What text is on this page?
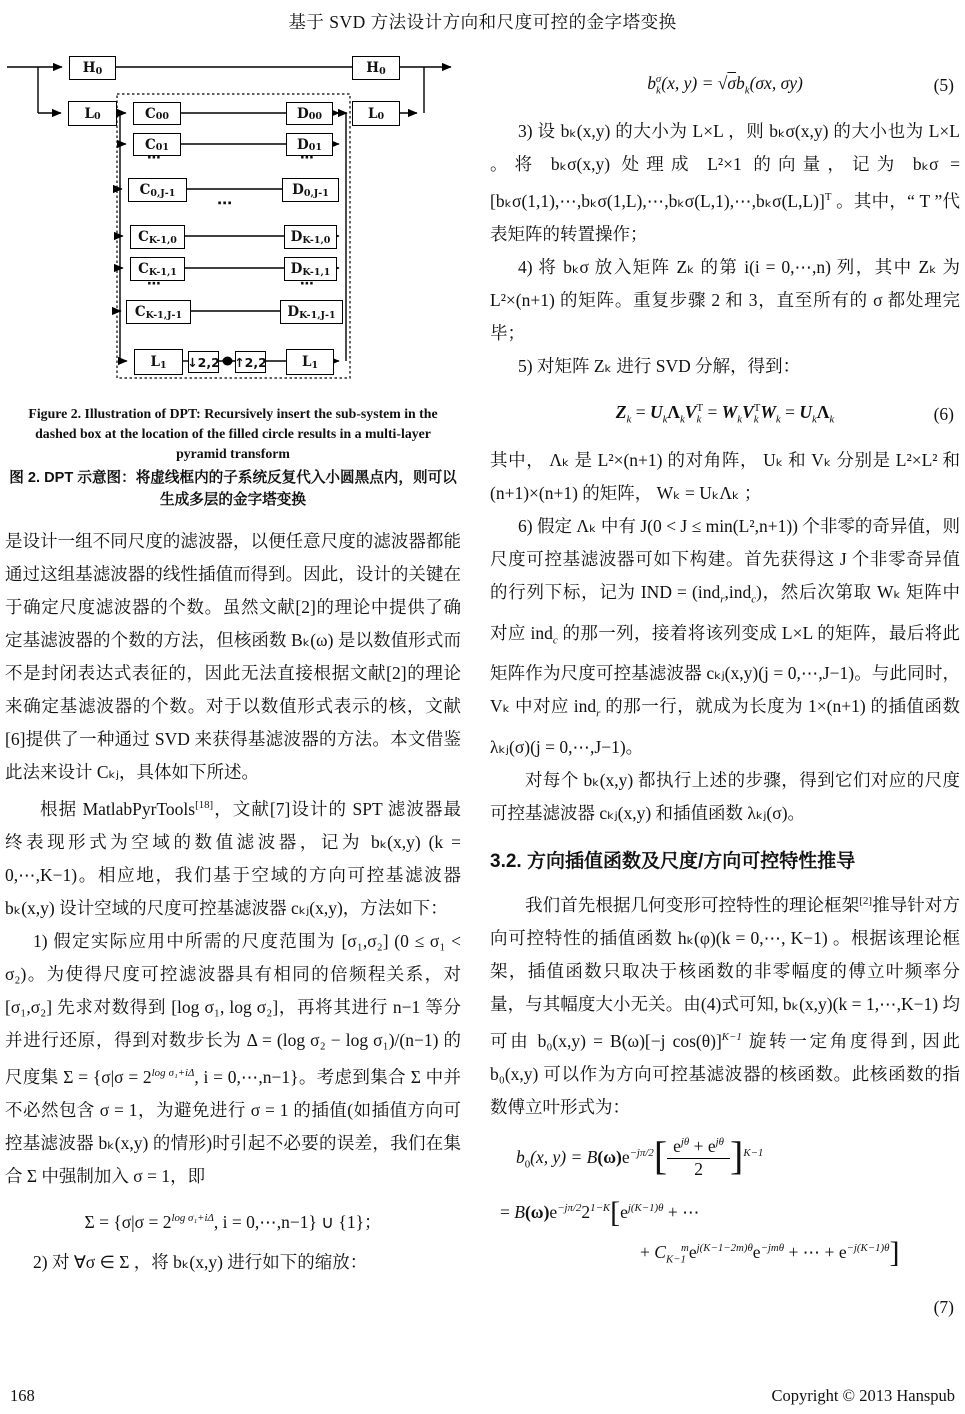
基于 SVD 方法设计方向和尺度可控的金字塔变换
$H_0$	$H_0$
$L_0$	$L_0$
$C_{00}$	$D_{00}$
$C_{01}$	$D_{01}$
⋯	⋯
$C_{0,J-1}$	$D_{0,J-1}$
⋯
$C_{K-1,0}$	$D_{K-1,0}$
$C_{K-1,1}$	$D_{K-1,1}$
⋯	⋯
$C_{K-1,J-1}$	$D_{K-1,J-1}$
$L_1$ ↓2,2 ↑2,2	$L_1$
Figure 2. Illustration of DPT: Recursively insert the sub-system in the dashed box at the location of the filled circle results in a multi-layer pyramid transform
图 2. DPT 示意图：将虚线框内的子系统反复代入小圆黑点内，则可以生成多层的金字塔变换

是设计一组不同尺度的滤波器，以便任意尺度的滤波器都能通过这组基滤波器的线性插值而得到。因此，设计的关键在于确定尺度滤波器的个数。虽然文献[2]的理论中提供了确定基滤波器的个数的方法，但核函数 Bₖ(ω) 是以数值形式而不是封闭表达式表征的，因此无法直接根据文献[2]的理论来确定基滤波器的个数。对于以数值形式表示的核，文献[6]提供了一种通过 SVD 来获得基滤波器的方法。本文借鉴此法来设计 Cₖⱼ，具体如下所述。

根据 MatlabPyrTools[18]，文献[7]设计的 SPT 滤波器最终表现形式为空域的数值滤波器，记为 bₖ(x,y) (k = 0,⋯,K−1)。相应地，我们基于空域的方向可控基滤波器 bₖ(x,y) 设计空域的尺度可控基滤波器 cₖⱼ(x,y)，方法如下：

1) 假定实际应用中所需的尺度范围为 [σ₁,σ₂] (0 ≤ σ₁ < σ₂)。为使得尺度可控滤波器具有相同的倍频程关系，对 [σ₁,σ₂] 先求对数得到 [log σ₁, log σ₂]，再将其进行 n−1 等分并进行还原，得到对数步长为 Δ = (log σ₂ − log σ₁)/(n−1) 的尺度集 $\Sigma = \{\sigma|\sigma = 2^{log \sigma_1+i\Delta}$, i = 0,⋯,n−1}。考虑到集合 Σ 中并不必然包含 σ = 1，为避免进行 σ = 1 的插值(如插值方向可控基滤波器 bₖ(x,y) 的情形)时引起不必要的误差，我们在集合 Σ 中强制加入 σ = 1，即

$\Sigma = \{\sigma|\sigma = 2^{log \sigma_1+i\Delta}$, i = 0,⋯,n−1} ∪ {1}；

2) 对 ∀σ ∈ Σ ，将 bₖ(x,y) 进行如下的缩放：

$b_k^\sigma(x$, $y) = √\sigma b_k(\sigma x$, σy)	(5)

3) 设 bₖ(x,y) 的大小为 L×L ，则 bₖσ(x,y) 的大小也为 L×L 。将 bₖσ(x,y) 处理成 L²×1 的向量，记为 bₖσ = [bₖσ(1,1),⋯,bₖσ(1,L),⋯,bₖσ(L,1),⋯,bₖσ(L,L)]$^T$ 。其中，“ T ”代表矩阵的转置操作；

4) 将 bₖσ 放入矩阵 Zₖ 的第 i(i = 0,⋯,n) 列，其中 Zₖ 为 L²×(n+1) 的矩阵。重复步骤 2 和 3，直至所有的 σ 都处理完毕；

5) 对矩阵 Zₖ 进行 SVD 分解，得到：

$Z_k = U_k\Lambda_kV_k^T = W_kV_k^TW_k = U_k\Lambda_k$	(6)

其中， Λₖ 是 L²×(n+1) 的对角阵， Uₖ 和 Vₖ 分别是 L²×L² 和 (n+1)×(n+1) 的矩阵， Wₖ = UₖΛₖ ；

6) 假定 Λₖ 中有 J(0 < J ≤ min(L²,n+1)) 个非零的奇异值，则尺度可控基滤波器可如下构建。首先获得这 J 个非零奇异值的行列下标，记为 IND = (ind$_r$,ind$_c$)，然后次第取 Wₖ 矩阵中对应 ind$_c$ 的那一列，接着将该列变成 L×L 的矩阵，最后将此矩阵作为尺度可控基滤波器 cₖⱼ(x,y)(j = 0,⋯,J−1)。与此同时， Vₖ 中对应 ind$_r$ 的那一行，就成为长度为 1×(n+1) 的插值函数 λₖⱼ(σ)(j = 0,⋯,J−1)。

对每个 bₖ(x,y) 都执行上述的步骤，得到它们对应的尺度可控基滤波器 cₖⱼ(x,y) 和插值函数 λₖⱼ(σ)。

3.2. 方向插值函数及尺度/方向可控特性推导

我们首先根据几何变形可控特性的理论框架[2]推导针对方向可控特性的插值函数 hₖ(φ)(k = 0,⋯, K−1) 。根据该理论框架，插值函数只取决于核函数的非零幅度的傅立叶频率分量，与其幅度大小无关。由(4)式可知, bₖ(x,y)(k = 1,⋯,K−1) 均可由 b₀(x,y) = B(ω)[−j cos(θ)]$^{K-1}$ 旋转一定角度得到, 因此 b₀(x,y) 可以作为方向可控基滤波器的核函数。此核函数的指数傅立叶形式为：

$b_0(x$, $y) = B(\omega)e^{-j\pi/2}[ \frac{e^{j\theta} + e^{j\theta}}{2} ]^{K-1}$
= $B(\omega)e^{-j\pi/2}2^{1-K}[e^{j(K-1)\theta}$ + ⋯
+ $C_{K-1}^me^{j(K-1-2m)\theta}e^{-jm\theta}$ + ⋯ + $e^{-j(K-1)\theta}$]
(7)
168	Copyright © 2013 Hanspub
